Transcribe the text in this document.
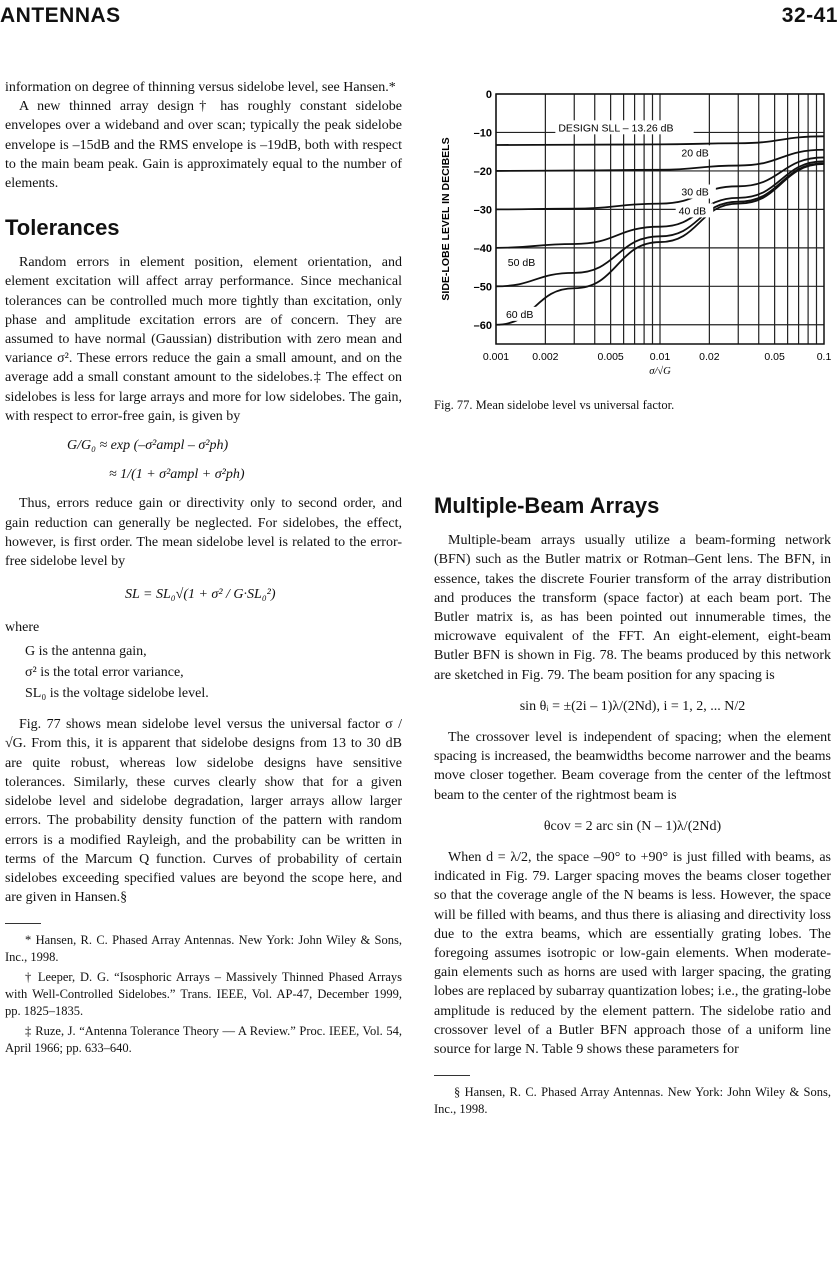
ANTENNAS	32-41

information on degree of thinning versus sidelobe level, see Hansen.*

A new thinned array design† has roughly constant sidelobe envelopes over a wideband and over scan; typically the peak sidelobe envelope is –15dB and the RMS envelope is –19dB, both with respect to the main beam peak. Gain is approximately equal to the number of elements.

Tolerances

Random errors in element position, element orientation, and element excitation will affect array performance. Since mechanical tolerances can be controlled much more tightly than excitation, only phase and amplitude excitation errors are of concern. They are assumed to have normal (Gaussian) distribution with zero mean and variance σ². These errors reduce the gain a small amount, and on the average add a small constant amount to the sidelobes.‡ The effect on sidelobes is less for large arrays and more for low sidelobes. The gain, with respect to error-free gain, is given by

G/G₀ ≈ exp (–σ²ampl – σ²ph)
≈ 1/(1 + σ²ampl + σ²ph)

Thus, errors reduce gain or directivity only to second order, and gain reduction can generally be neglected. For sidelobes, the effect, however, is first order. The mean sidelobe level is related to the error-free sidelobe level by

SL = SL₀√(1 + σ² / G·SL₀²)

where

G is the antenna gain,
σ² is the total error variance,
SL₀ is the voltage sidelobe level.

Fig. 77 shows mean sidelobe level versus the universal factor σ / √G. From this, it is apparent that sidelobe designs from 13 to 30 dB are quite robust, whereas low sidelobe designs have sensitive tolerances. Similarly, these curves clearly show that for a given sidelobe level and sidelobe degradation, larger arrays allow larger errors. The probability density function of the pattern with random errors is a modified Rayleigh, and the probability can be written in terms of the Marcum Q function. Curves of probability of certain sidelobes exceeding specified values are beyond the scope here, and are given in Hansen.§

* Hansen, R. C. Phased Array Antennas. New York: John Wiley & Sons, Inc., 1998.
† Leeper, D. G. “Isosphoric Arrays – Massively Thinned Phased Arrays with Well-Controlled Sidelobes.” Trans. IEEE, Vol. AP-47, December 1999, pp. 1825–1835.
‡ Ruze, J. “Antenna Tolerance Theory — A Review.” Proc. IEEE, Vol. 54, April 1966; pp. 633–640.
0
–10
–20
–30
–40
–50
–60
0.001 0.002	0.005 0.01	0.02	0.05	0.1
σ/√G
SIDE-LOBE LEVEL IN DECIBELS
DESIGN SLL – 13.26 dB
20 dB
30 dB
40 dB
50 dB
60 dB
Fig. 77. Mean sidelobe level vs universal factor.
Multiple-Beam Arrays

Multiple-beam arrays usually utilize a beam-forming network (BFN) such as the Butler matrix or Rotman–Gent lens. The BFN, in essence, takes the discrete Fourier transform of the array distribution and produces the transform (space factor) at each beam port. The Butler matrix is, as has been pointed out innumerable times, the microwave equivalent of the FFT. An eight-element, eight-beam Butler BFN is shown in Fig. 78. The beams produced by this network are sketched in Fig. 79. The beam position for any spacing is

sin θᵢ = ±(2i – 1)λ/(2Nd), i = 1, 2, ... N/2

The crossover level is independent of spacing; when the element spacing is increased, the beamwidths become narrower and the beams move closer together. Beam coverage from the center of the leftmost beam to the center of the rightmost beam is

θcov = 2 arc sin (N – 1)λ/(2Nd)

When d = λ/2, the space –90° to +90° is just filled with beams, as indicated in Fig. 79. Larger spacing moves the beams closer together so that the coverage angle of the N beams is less. However, the space will be filled with beams, and thus there is aliasing and directivity loss due to the extra beams, which are essentially grating lobes. The foregoing assumes isotropic or low-gain elements. When moderate-gain elements such as horns are used with larger spacing, the grating lobes are replaced by subarray quantization lobes; i.e., the grating-lobe amplitude is reduced by the element pattern. The sidelobe ratio and crossover level of a Butler BFN approach those of a uniform line source for large N. Table 9 shows these parameters for

§ Hansen, R. C. Phased Array Antennas. New York: John Wiley & Sons, Inc., 1998.
